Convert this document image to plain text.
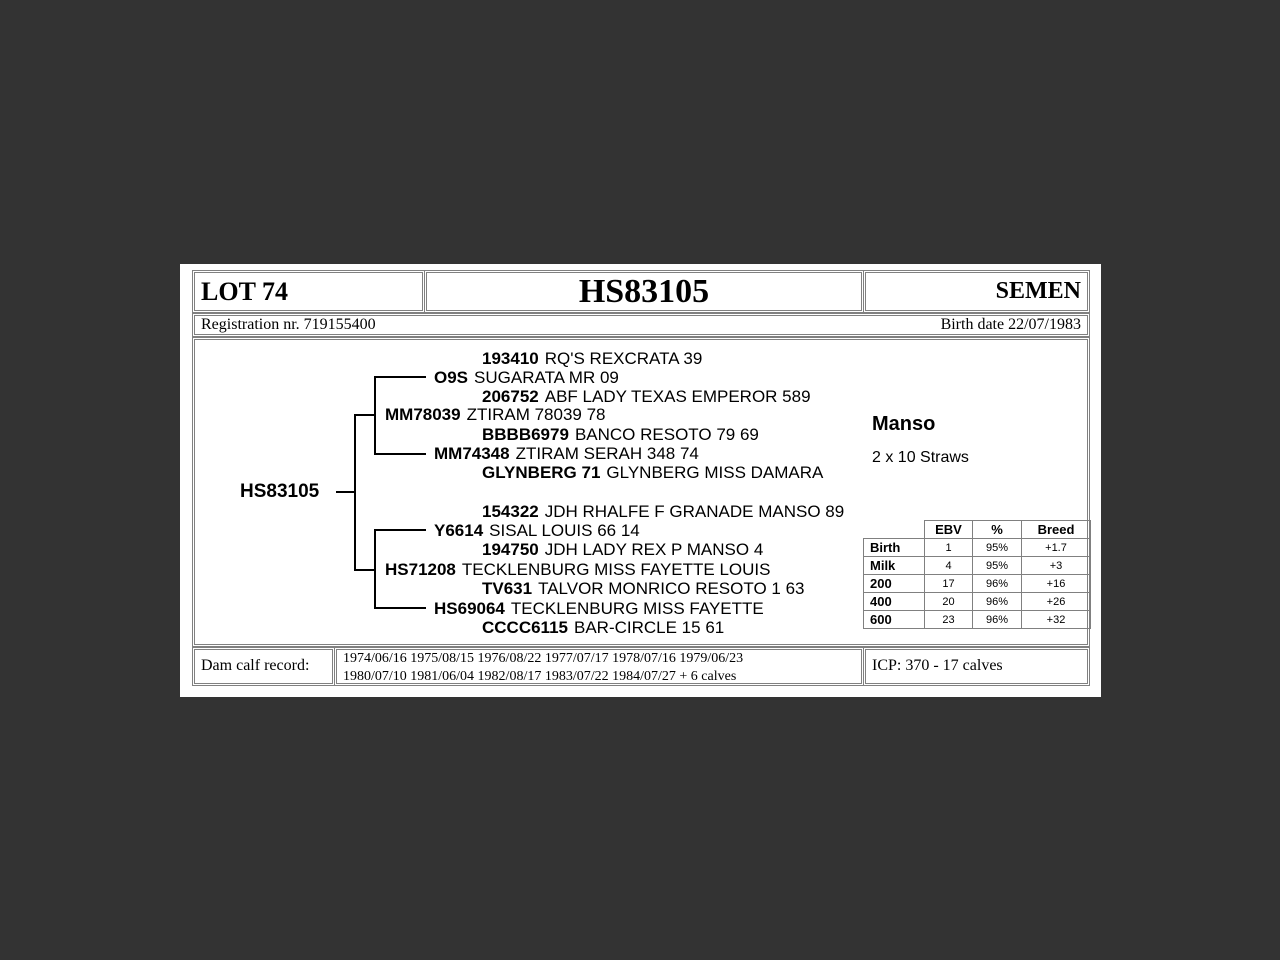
LOT 74	HS83105	SEMEN
Registration nr. 719155400	Birth date 22/07/1983
HS83105
MM78039 ZTIRAM 78039 78
HS71208 TECKLENBURG MISS FAYETTE LOUIS
O9S SUGARATA MR 09
MM74348 ZTIRAM SERAH 348 74
Y6614 SISAL LOUIS 66 14
HS69064 TECKLENBURG MISS FAYETTE
193410 RQ'S REXCRATA 39
206752 ABF LADY TEXAS EMPEROR 589
BBBB6979 BANCO RESOTO 79 69
GLYNBERG 71 GLYNBERG MISS DAMARA
154322 JDH RHALFE F GRANADE MANSO 89
194750 JDH LADY REX P MANSO 4
TV631 TALVOR MONRICO RESOTO 1 63
CCCC6115 BAR-CIRCLE 15 61
Manso
2 x 10 Straws
	EBV	%	Breed
Birth	1	95%	+1.7
Milk	4	95%	+3
200	17	96%	+16
400	20	96%	+26
600	23	96%	+32
Dam calf record: 1974/06/16 1975/08/15 1976/08/22 1977/07/17 1978/07/16 1979/06/23
1980/07/10 1981/06/04 1982/08/17 1983/07/22 1984/07/27 + 6 calves
ICP: 370 - 17 calves
